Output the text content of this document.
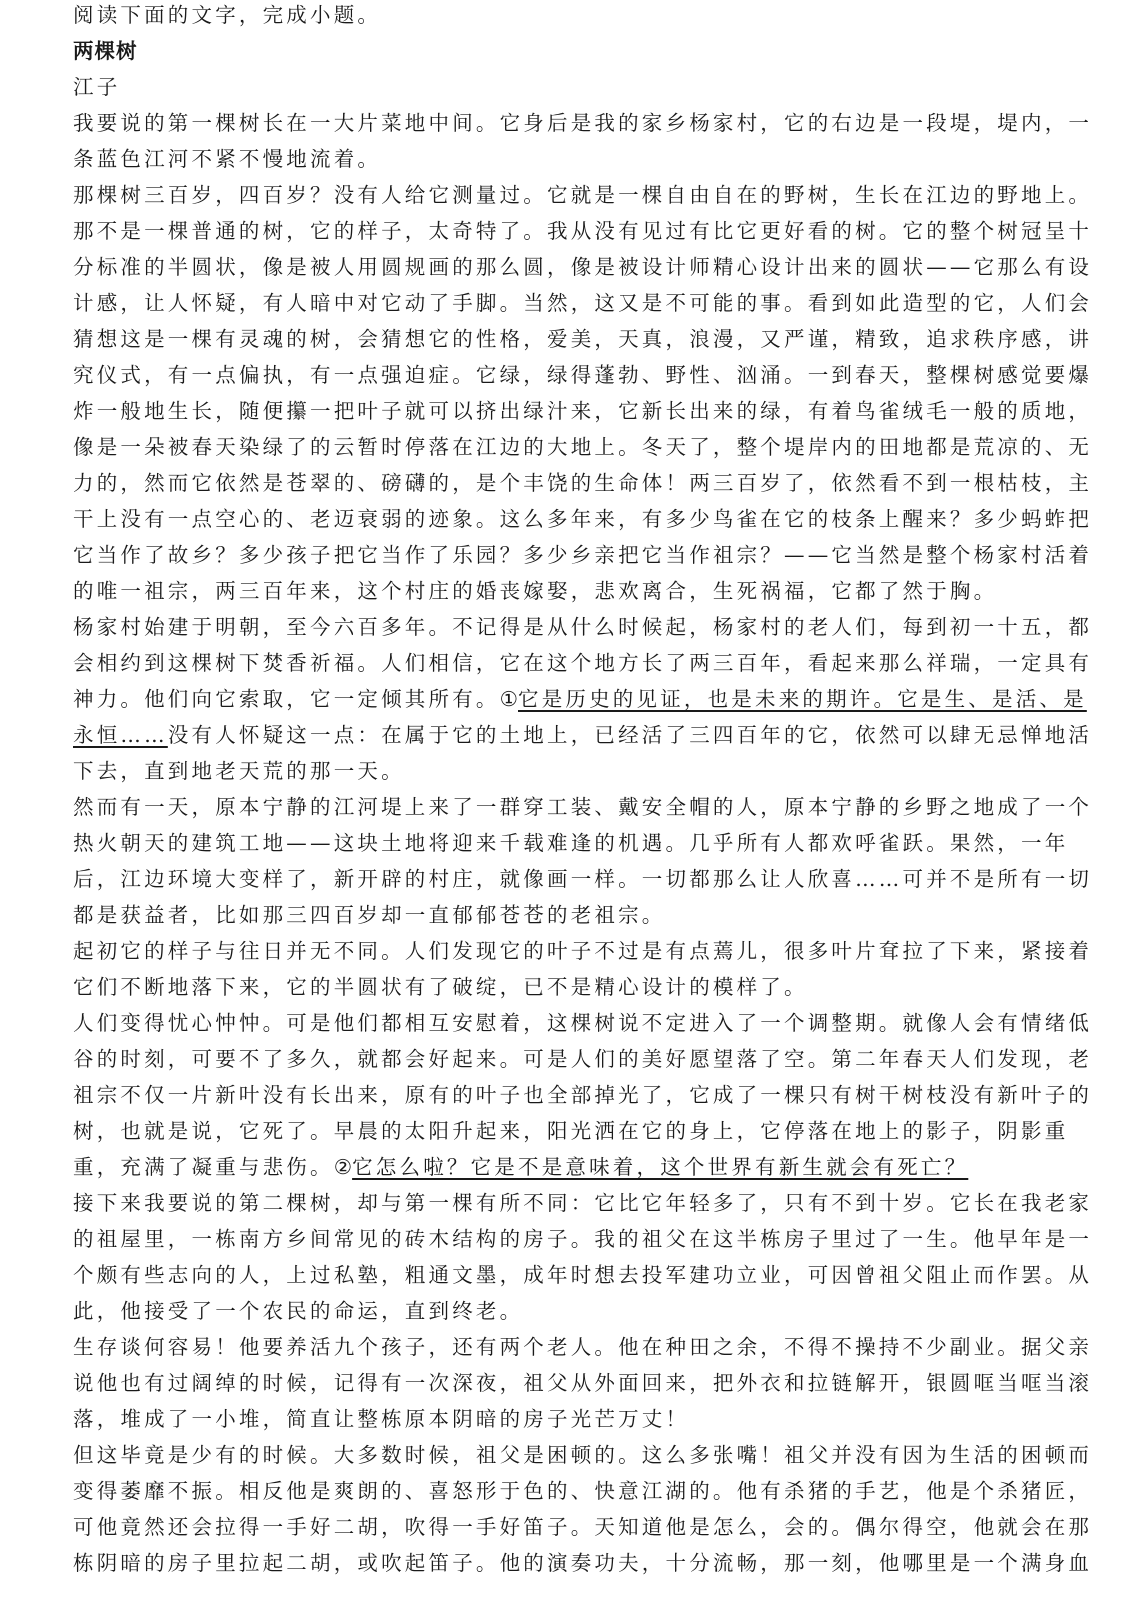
阅读下面的文字，完成小题。
两棵树
江子
我要说的第一棵树长在一大片菜地中间。它身后是我的家乡杨家村，它的右边是一段堤，堤内，一
条蓝色江河不紧不慢地流着。
那棵树三百岁，四百岁？没有人给它测量过。它就是一棵自由自在的野树，生长在江边的野地上。
那不是一棵普通的树，它的样子，太奇特了。我从没有见过有比它更好看的树。它的整个树冠呈十
分标准的半圆状，像是被人用圆规画的那么圆，像是被设计师精心设计出来的圆状——它那么有设
计感，让人怀疑，有人暗中对它动了手脚。当然，这又是不可能的事。看到如此造型的它，人们会
猜想这是一棵有灵魂的树，会猜想它的性格，爱美，天真，浪漫，又严谨，精致，追求秩序感，讲
究仪式，有一点偏执，有一点强迫症。它绿，绿得蓬勃、野性、汹涌。一到春天，整棵树感觉要爆
炸一般地生长，随便攥一把叶子就可以挤出绿汁来，它新长出来的绿，有着鸟雀绒毛一般的质地，
像是一朵被春天染绿了的云暂时停落在江边的大地上。冬天了，整个堤岸内的田地都是荒凉的、无
力的，然而它依然是苍翠的、磅礴的，是个丰饶的生命体！两三百岁了，依然看不到一根枯枝，主
干上没有一点空心的、老迈衰弱的迹象。这么多年来，有多少鸟雀在它的枝条上醒来？多少蚂蚱把
它当作了故乡？多少孩子把它当作了乐园？多少乡亲把它当作祖宗？——它当然是整个杨家村活着
的唯一祖宗，两三百年来，这个村庄的婚丧嫁娶，悲欢离合，生死祸福，它都了然于胸。
杨家村始建于明朝，至今六百多年。不记得是从什么时候起，杨家村的老人们，每到初一十五，都
会相约到这棵树下焚香祈福。人们相信，它在这个地方长了两三百年，看起来那么祥瑞，一定具有
神力。他们向它索取，它一定倾其所有。①它是历史的见证，也是未来的期许。它是生、是活、是
永恒……没有人怀疑这一点：在属于它的土地上，已经活了三四百年的它，依然可以肆无忌惮地活
下去，直到地老天荒的那一天。
然而有一天，原本宁静的江河堤上来了一群穿工装、戴安全帽的人，原本宁静的乡野之地成了一个
热火朝天的建筑工地——这块土地将迎来千载难逢的机遇。几乎所有人都欢呼雀跃。果然，一年
后，江边环境大变样了，新开辟的村庄，就像画一样。一切都那么让人欣喜……可并不是所有一切
都是获益者，比如那三四百岁却一直郁郁苍苍的老祖宗。
起初它的样子与往日并无不同。人们发现它的叶子不过是有点蔫儿，很多叶片耷拉了下来，紧接着
它们不断地落下来，它的半圆状有了破绽，已不是精心设计的模样了。
人们变得忧心忡忡。可是他们都相互安慰着，这棵树说不定进入了一个调整期。就像人会有情绪低
谷的时刻，可要不了多久，就都会好起来。可是人们的美好愿望落了空。第二年春天人们发现，老
祖宗不仅一片新叶没有长出来，原有的叶子也全部掉光了，它成了一棵只有树干树枝没有新叶子的
树，也就是说，它死了。早晨的太阳升起来，阳光洒在它的身上，它停落在地上的影子，阴影重
重，充满了凝重与悲伤。②它怎么啦？它是不是意味着，这个世界有新生就会有死亡？
接下来我要说的第二棵树，却与第一棵有所不同：它比它年轻多了，只有不到十岁。它长在我老家
的祖屋里，一栋南方乡间常见的砖木结构的房子。我的祖父在这半栋房子里过了一生。他早年是一
个颇有些志向的人，上过私塾，粗通文墨，成年时想去投军建功立业，可因曾祖父阻止而作罢。从
此，他接受了一个农民的命运，直到终老。
生存谈何容易！他要养活九个孩子，还有两个老人。他在种田之余，不得不操持不少副业。据父亲
说他也有过阔绰的时候，记得有一次深夜，祖父从外面回来，把外衣和拉链解开，银圆哐当哐当滚
落，堆成了一小堆，简直让整栋原本阴暗的房子光芒万丈！
但这毕竟是少有的时候。大多数时候，祖父是困顿的。这么多张嘴！祖父并没有因为生活的困顿而
变得萎靡不振。相反他是爽朗的、喜怒形于色的、快意江湖的。他有杀猪的手艺，他是个杀猪匠，
可他竟然还会拉得一手好二胡，吹得一手好笛子。天知道他是怎么，会的。偶尔得空，他就会在那
栋阴暗的房子里拉起二胡，或吹起笛子。他的演奏功夫，十分流畅，那一刻，他哪里是一个满身血
